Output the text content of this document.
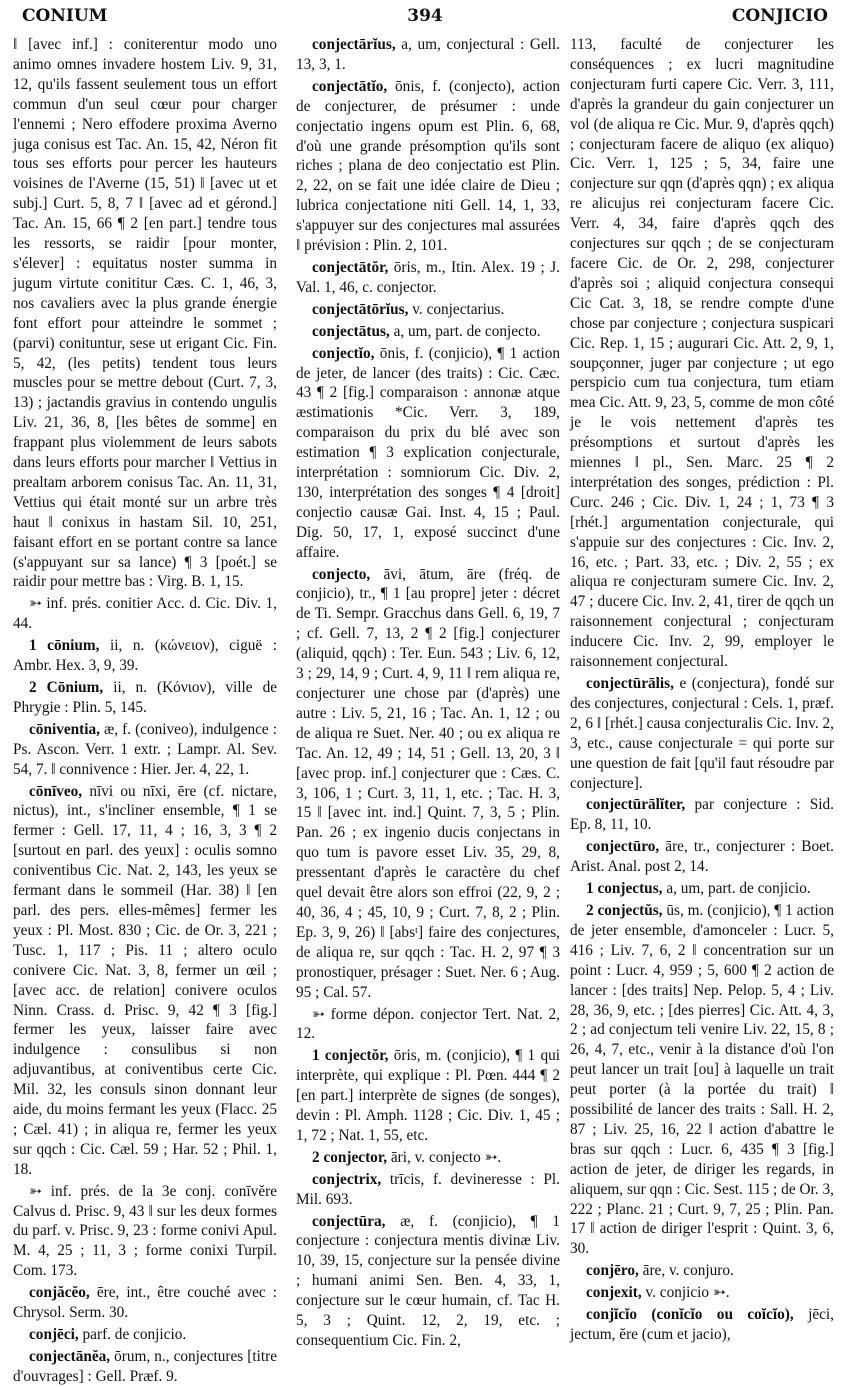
CONIUM	394	CONJICIO

‖ [avec inf.] : coniterentur modo uno animo omnes invadere hostem Liv. 9, 31, 12, qu'ils fassent seulement tous un effort commun d'un seul cœur pour charger l'ennemi ; Nero effodere proxima Averno juga conisus est Tac. An. 15, 42, Néron fit tous ses efforts pour percer les hauteurs voisines de l'Averne (15, 51) ‖ [avec ut et subj.] Curt. 5, 8, 7 ‖ [avec ad et gérond.] Tac. An. 15, 66 ¶ 2 [en part.] tendre tous les ressorts, se raidir [pour monter, s'élever] : equitatus noster summa in jugum virtute conititur Cæs. C. 1, 46, 3, nos cavaliers avec la plus grande énergie font effort pour atteindre le sommet ; (parvi) conituntur, sese ut erigant Cic. Fin. 5, 42, (les petits) tendent tous leurs muscles pour se mettre debout (Curt. 7, 3, 13) ; jactandis gravius in contendo ungulis Liv. 21, 36, 8, [les bêtes de somme] en frappant plus violemment de leurs sabots dans leurs efforts pour marcher ‖ Vettius in prealtam arborem conisus Tac. An. 11, 31, Vettius qui était monté sur un arbre très haut ‖ conixus in hastam Sil. 10, 251, faisant effort en se portant contre sa lance (s'appuyant sur sa lance) ¶ 3 [poét.] se raidir pour mettre bas : Virg. B. 1, 15.

➳ inf. prés. conitier Acc. d. Cic. Div. 1, 44.

1 cōnium, ii, n. (κώνειον), ciguë : Ambr. Hex. 3, 9, 39.

2 Cōnium, ii, n. (Κόνιον), ville de Phrygie : Plin. 5, 145.

cōniventia, æ, f. (coniveo), indulgence : Ps. Ascon. Verr. 1 extr. ; Lampr. Al. Sev. 54, 7. ‖ connivence : Hier. Jer. 4, 22, 1.

cōnīveo, nīvi ou nīxi, ēre (cf. nictare, nictus), int., s'incliner ensemble, ¶ 1 se fermer : Gell. 17, 11, 4 ; 16, 3, 3 ¶ 2 [surtout en parl. des yeux] : oculis somno coniventibus Cic. Nat. 2, 143, les yeux se fermant dans le sommeil (Har. 38) ‖ [en parl. des pers. elles-mêmes] fermer les yeux : Pl. Most. 830 ; Cic. de Or. 3, 221 ; Tusc. 1, 117 ; Pis. 11 ; altero oculo conivere Cic. Nat. 3, 8, fermer un œil ; [avec acc. de relation] conivere oculos Ninn. Crass. d. Prisc. 9, 42 ¶ 3 [fig.] fermer les yeux, laisser faire avec indulgence : consulibus si non adjuvantibus, at coniventibus certe Cic. Mil. 32, les consuls sinon donnant leur aide, du moins fermant les yeux (Flacc. 25 ; Cæl. 41) ; in aliqua re, fermer les yeux sur qqch : Cic. Cæl. 59 ; Har. 52 ; Phil. 1, 18.

➳ inf. prés. de la 3e conj. conīvĕre Calvus d. Prisc. 9, 43 ‖ sur les deux formes du parf. v. Prisc. 9, 23 : forme conivi Apul. M. 4, 25 ; 11, 3 ; forme conixi Turpil. Com. 173.

conjăcĕo, ēre, int., être couché avec : Chrysol. Serm. 30.

conjēci, parf. de conjicio.

conjectānĕa, ōrum, n., conjectures [titre d'ouvrages] : Gell. Præf. 9.

conjectārĭus, a, um, conjectural : Gell. 13, 3, 1.

conjectātĭo, ōnis, f. (conjecto), action de conjecturer, de présumer : unde conjectatio ingens opum est Plin. 6, 68, d'où une grande présomption qu'ils sont riches ; plana de deo conjectatio est Plin. 2, 22, on se fait une idée claire de Dieu ; lubrica conjectatione niti Gell. 14, 1, 33, s'appuyer sur des conjectures mal assurées ‖ prévision : Plin. 2, 101.

conjectātŏr, ōris, m., Itin. Alex. 19 ; J. Val. 1, 46, c. conjector.

conjectātōrĭus, v. conjectarius.

conjectātus, a, um, part. de conjecto.

conjectĭo, ōnis, f. (conjicio), ¶ 1 action de jeter, de lancer (des traits) : Cic. Cæc. 43 ¶ 2 [fig.] comparaison : annonæ atque æstimationis *Cic. Verr. 3, 189, comparaison du prix du blé avec son estimation ¶ 3 explication conjecturale, interprétation : somniorum Cic. Div. 2, 130, interprétation des songes ¶ 4 [droit] conjectio causæ Gai. Inst. 4, 15 ; Paul. Dig. 50, 17, 1, exposé succinct d'une affaire.

conjecto, āvi, ātum, āre (fréq. de conjicio), tr., ¶ 1 [au propre] jeter : décret de Ti. Sempr. Gracchus dans Gell. 6, 19, 7 ; cf. Gell. 7, 13, 2 ¶ 2 [fig.] conjecturer (aliquid, qqch) : Ter. Eun. 543 ; Liv. 6, 12, 3 ; 29, 14, 9 ; Curt. 4, 9, 11 ‖ rem aliqua re, conjecturer une chose par (d'après) une autre : Liv. 5, 21, 16 ; Tac. An. 1, 12 ; ou de aliqua re Suet. Ner. 40 ; ou ex aliqua re Tac. An. 12, 49 ; 14, 51 ; Gell. 13, 20, 3 ‖ [avec prop. inf.] conjecturer que : Cæs. C. 3, 106, 1 ; Curt. 3, 11, 1, etc. ; Tac. H. 3, 15 ‖ [avec int. ind.] Quint. 7, 3, 5 ; Plin. Pan. 26 ; ex ingenio ducis conjectans in quo tum is pavore esset Liv. 35, 29, 8, pressentant d'après le caractère du chef quel devait être alors son effroi (22, 9, 2 ; 40, 36, 4 ; 45, 10, 9 ; Curt. 7, 8, 2 ; Plin. Ep. 3, 9, 26) ‖ [absᵗ] faire des conjectures, de aliqua re, sur qqch : Tac. H. 2, 97 ¶ 3 pronostiquer, présager : Suet. Ner. 6 ; Aug. 95 ; Cal. 57.

➳ forme dépon. conjector Tert. Nat. 2, 12.

1 conjectŏr, ōris, m. (conjicio), ¶ 1 qui interprète, qui explique : Pl. Pœn. 444 ¶ 2 [en part.] interprète de signes (de songes), devin : Pl. Amph. 1128 ; Cic. Div. 1, 45 ; 1, 72 ; Nat. 1, 55, etc.

2 conjector, āri, v. conjecto ➳.

conjectrix, trīcis, f. devineresse : Pl. Mil. 693.

conjectūra, æ, f. (conjicio), ¶ 1 conjecture : conjectura mentis divinæ Liv. 10, 39, 15, conjecture sur la pensée divine ; humani animi Sen. Ben. 4, 33, 1, conjecture sur le cœur humain, cf. Tac H. 5, 3 ; Quint. 12, 2, 19, etc. ; consequentium Cic. Fin. 2,

113, faculté de conjecturer les conséquences ; ex lucri magnitudine conjecturam furti capere Cic. Verr. 3, 111, d'après la grandeur du gain conjecturer un vol (de aliqua re Cic. Mur. 9, d'après qqch) ; conjecturam facere de aliquo (ex aliquo) Cic. Verr. 1, 125 ; 5, 34, faire une conjecture sur qqn (d'après qqn) ; ex aliqua re alicujus rei conjecturam facere Cic. Verr. 4, 34, faire d'après qqch des conjectures sur qqch ; de se conjecturam facere Cic. de Or. 2, 298, conjecturer d'après soi ; aliquid conjectura consequi Cic Cat. 3, 18, se rendre compte d'une chose par conjecture ; conjectura suspicari Cic. Rep. 1, 15 ; augurari Cic. Att. 2, 9, 1, soupçonner, juger par conjecture ; ut ego perspicio cum tua conjectura, tum etiam mea Cic. Att. 9, 23, 5, comme de mon côté je le vois nettement d'après tes présomptions et surtout d'après les miennes ‖ pl., Sen. Marc. 25 ¶ 2 interprétation des songes, prédiction : Pl. Curc. 246 ; Cic. Div. 1, 24 ; 1, 73 ¶ 3 [rhét.] argumentation conjecturale, qui s'appuie sur des conjectures : Cic. Inv. 2, 16, etc. ; Part. 33, etc. ; Div. 2, 55 ; ex aliqua re conjecturam sumere Cic. Inv. 2, 47 ; ducere Cic. Inv. 2, 41, tirer de qqch un raisonnement conjectural ; conjecturam inducere Cic. Inv. 2, 99, employer le raisonnement conjectural.

conjectūrālis, e (conjectura), fondé sur des conjectures, conjectural : Cels. 1, præf. 2, 6 ‖ [rhét.] causa conjecturalis Cic. Inv. 2, 3, etc., cause conjecturale = qui porte sur une question de fait [qu'il faut résoudre par conjecture].

conjectūrālĭter, par conjecture : Sid. Ep. 8, 11, 10.

conjectūro, āre, tr., conjecturer : Boet. Arist. Anal. post 2, 14.

1 conjectus, a, um, part. de conjicio.

2 conjectŭs, ūs, m. (conjicio), ¶ 1 action de jeter ensemble, d'amonceler : Lucr. 5, 416 ; Liv. 7, 6, 2 ‖ concentration sur un point : Lucr. 4, 959 ; 5, 600 ¶ 2 action de lancer : [des traits] Nep. Pelop. 5, 4 ; Liv. 28, 36, 9, etc. ; [des pierres] Cic. Att. 4, 3, 2 ; ad conjectum teli venire Liv. 22, 15, 8 ; 26, 4, 7, etc., venir à la distance d'où l'on peut lancer un trait [ou] à laquelle un trait peut porter (à la portée du trait) ‖ possibilité de lancer des traits : Sall. H. 2, 87 ; Liv. 25, 16, 22 ‖ action d'abattre le bras sur qqch : Lucr. 6, 435 ¶ 3 [fig.] action de jeter, de diriger les regards, in aliquem, sur qqn : Cic. Sest. 115 ; de Or. 3, 222 ; Planc. 21 ; Curt. 9, 7, 25 ; Plin. Pan. 17 ‖ action de diriger l'esprit : Quint. 3, 6, 30.

conjēro, āre, v. conjuro.

conjexit, v. conjicio ➳.

conjĭcĭo (conĭcĭo ou coĭcĭo), jēci, jectum, ĕre (cum et jacio),
